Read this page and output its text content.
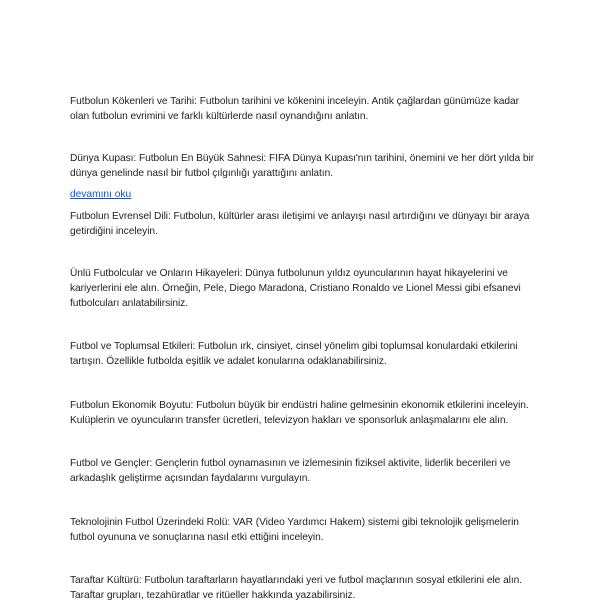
Futbolun Kökenleri ve Tarihi: Futbolun tarihini ve kökenini inceleyin. Antik çağlardan günümüze kadar olan futbolun evrimini ve farklı kültürlerde nasıl oynandığını anlatın.

Dünya Kupası: Futbolun En Büyük Sahnesi: FIFA Dünya Kupası'nın tarihini, önemini ve her dört yılda bir dünya genelinde nasıl bir futbol çılgınlığı yarattığını anlatın.

devamını oku

Futbolun Evrensel Dili: Futbolun, kültürler arası iletişimi ve anlayışı nasıl artırdığını ve dünyayı bir araya getirdiğini inceleyin.

Ünlü Futbolcular ve Onların Hikayeleri: Dünya futbolunun yıldız oyuncularının hayat hikayelerini ve kariyerlerini ele alın. Örneğin, Pele, Diego Maradona, Cristiano Ronaldo ve Lionel Messi gibi efsanevi futbolcuları anlatabilirsiniz.

Futbol ve Toplumsal Etkileri: Futbolun ırk, cinsiyet, cinsel yönelim gibi toplumsal konulardaki etkilerini tartışın. Özellikle futbolda eşitlik ve adalet konularına odaklanabilirsiniz.

Futbolun Ekonomik Boyutu: Futbolun büyük bir endüstri haline gelmesinin ekonomik etkilerini inceleyin. Kulüplerin ve oyuncuların transfer ücretleri, televizyon hakları ve sponsorluk anlaşmalarını ele alın.

Futbol ve Gençler: Gençlerin futbol oynamasının ve izlemesinin fiziksel aktivite, liderlik becerileri ve arkadaşlık geliştirme açısından faydalarını vurgulayın.

Teknolojinin Futbol Üzerindeki Rolü: VAR (Video Yardımcı Hakem) sistemi gibi teknolojik gelişmelerin futbol oyununa ve sonuçlarına nasıl etki ettiğini inceleyin.

Taraftar Kültürü: Futbolun taraftarların hayatlarındaki yeri ve futbol maçlarının sosyal etkilerini ele alın. Taraftar grupları, tezahüratlar ve ritüeller hakkında yazabilirsiniz.
